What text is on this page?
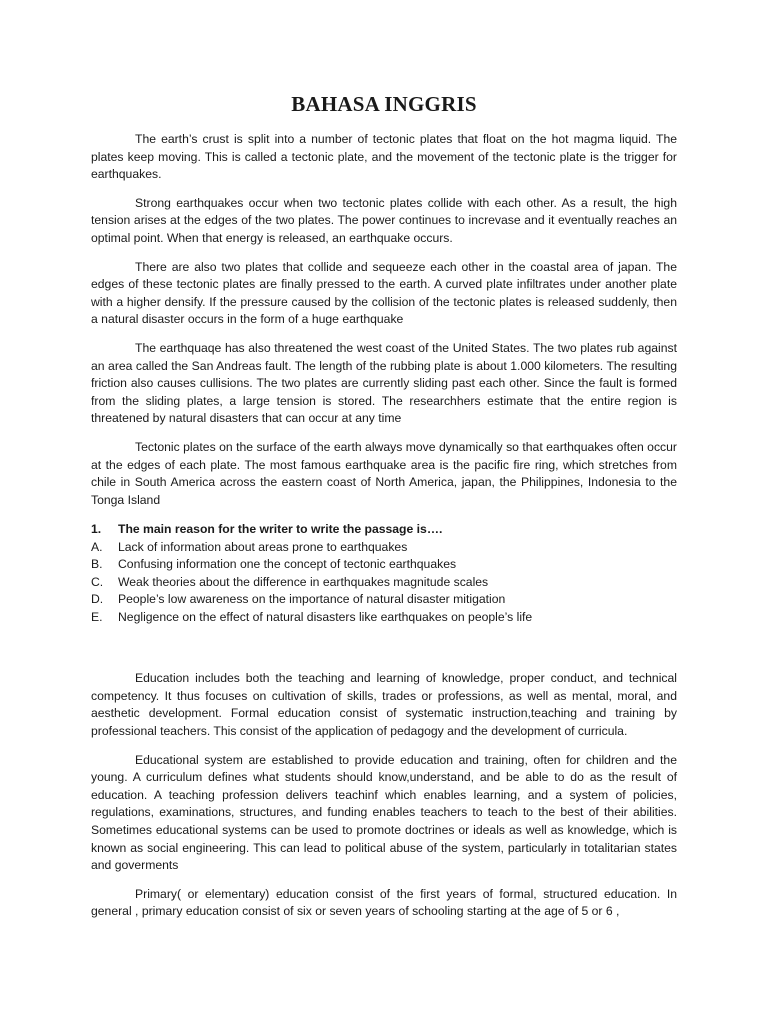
BAHASA INGGRIS

The earth’s crust is split into a number of tectonic plates that float on the hot magma liquid. The plates keep moving. This is called a tectonic plate, and the movement of the tectonic plate is the trigger for earthquakes.

Strong earthquakes occur when two tectonic plates collide with each other. As a result, the high tension arises at the edges of the two plates. The power continues to increvase and it eventually reaches an optimal point. When that energy is released, an earthquake occurs.

There are also two plates that collide and sequeeze each other in the coastal area of japan. The edges of these tectonic plates are finally pressed to the earth. A curved plate infiltrates under another plate with a higher densify. If the pressure caused by the collision of the tectonic plates is released suddenly, then a natural disaster occurs in the form of a huge earthquake

The earthquaqe has also threatened the west coast of the United States. The two plates rub against an area called the San Andreas fault. The length of the rubbing plate is about 1.000 kilometers. The resulting friction also causes cullisions. The two plates are currently sliding past each other. Since the fault is formed from the sliding plates, a large tension is stored. The researchhers estimate that the entire region is threatened by natural disasters that can occur at any time

Tectonic plates on the surface of the earth always move dynamically so that earthquakes often occur at the edges of each plate. The most famous earthquake area is the pacific fire ring, which stretches from chile in South America across the eastern coast of North America, japan, the Philippines, Indonesia to the Tonga Island

1.	The main reason for the writer to write the passage is….
A.	Lack of information about areas prone to earthquakes
B.	Confusing information one the concept of tectonic earthquakes
C.	Weak theories about the difference in earthquakes magnitude scales
D.	People’s low awareness on the importance of natural disaster mitigation
E.	Negligence on the effect of natural disasters like earthquakes on people’s life

Education includes both the teaching and learning of knowledge, proper conduct, and technical competency. It thus focuses on cultivation of skills, trades or professions, as well as mental, moral, and aesthetic development. Formal education consist of systematic instruction,teaching and training by professional teachers. This consist of the application of pedagogy and the development of curricula.

Educational system are established to provide education and training, often for children and the young. A curriculum defines what students should know,understand, and be able to do as the result of education. A teaching profession delivers teachinf which enables learning, and a system of policies, regulations, examinations, structures, and funding enables teachers to teach to the best of their abilities. Sometimes educational systems can be used to promote doctrines or ideals as well as knowledge, which is known as social engineering. This can lead to political abuse of the system, particularly in totalitarian states and goverments

Primary( or elementary) education consist of the first years of formal, structured education. In general , primary education consist of six or seven years of schooling starting at the age of 5 or 6 ,
